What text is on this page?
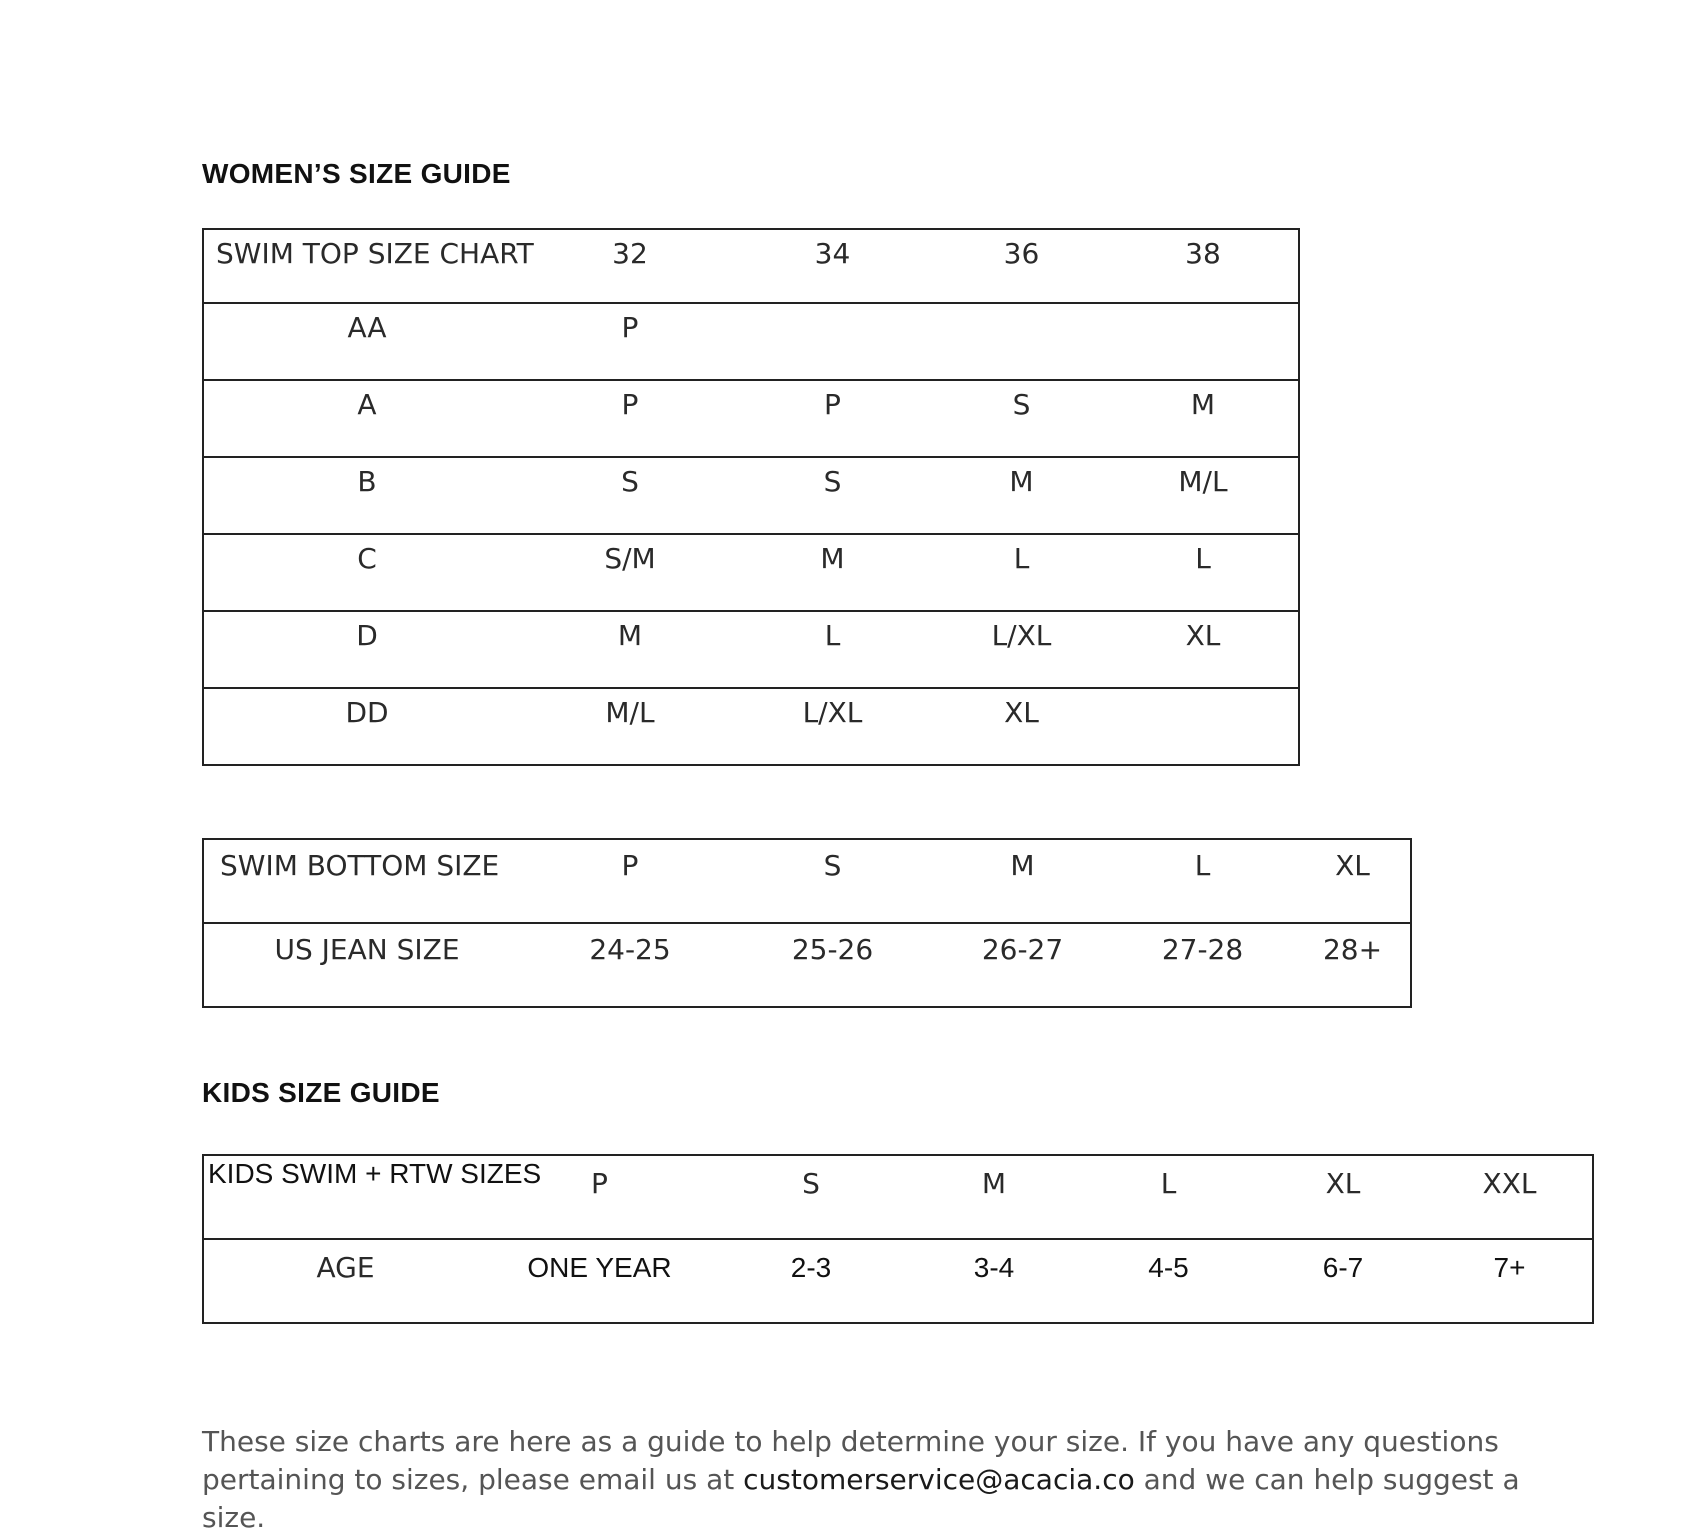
WOMEN’S SIZE GUIDE
SWIM TOP SIZE CHART	32	34	36	38

AA	P			

A	P	P	S	M

B	S	S	M	M/L

C	S/M	M	L	L

D	M	L	L/XL	XL

DD	M/L	L/XL	XL	

SWIM BOTTOM SIZE	P	S	M	L	XL

US JEAN SIZE	24-25	25-26	26-27	27-28	28+
KIDS SIZE GUIDE
KIDS SWIM + RTW SIZES	P	S	M	L	XL	XXL

AGE	ONE YEAR	2-3	3-4	4-5	6-7	7+

These size charts are here as a guide to help determine your size. If you have any questions pertaining to sizes, please email us at customerservice@acacia.co and we can help suggest a size.
